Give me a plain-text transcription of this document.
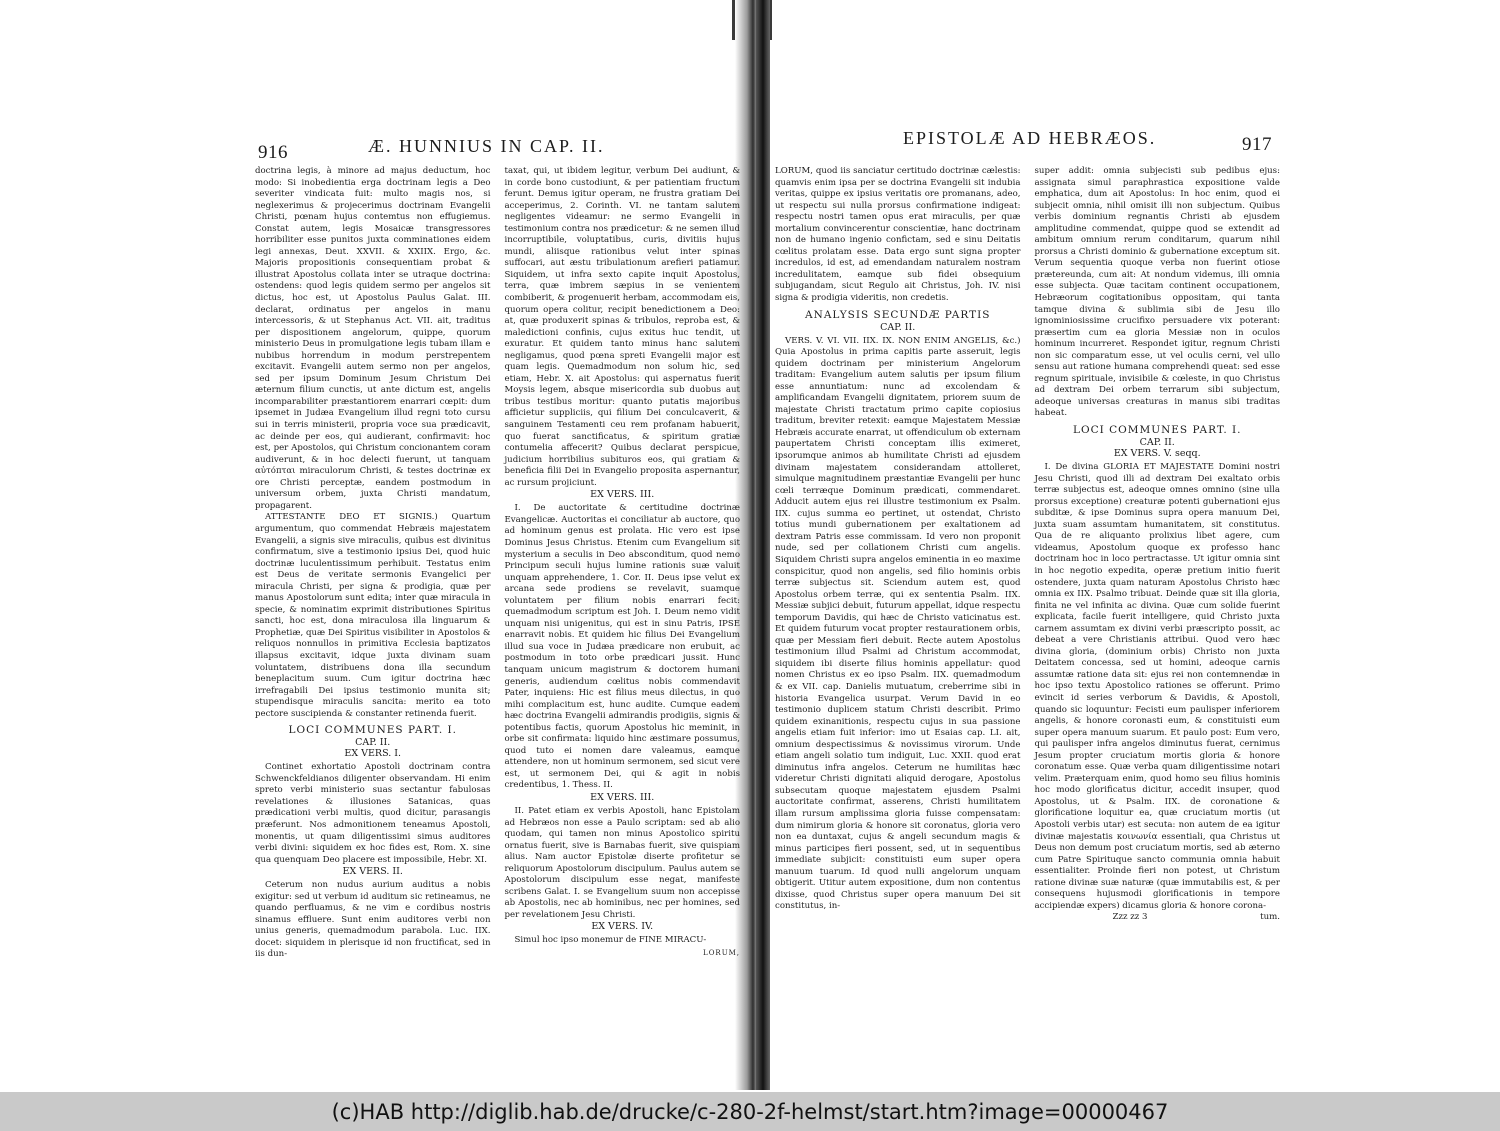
916	Æ. HUNNIUS IN CAP. II.

doctrina legis, à minore ad majus deductum, hoc modo: Si inobedientia erga doctrinam legis a Deo severiter vindicata fuit: multo magis nos, si neglexerimus & projecerimus doctrinam Evangelii Christi, pœnam hujus contemtus non effugiemus. Constat autem, legis Mosaicæ transgressores horribiliter esse punitos juxta comminationes eidem legi annexas, Deut. XXVII. & XXIIX. Ergo, &c. Majoris propositionis consequentiam probat & illustrat Apostolus collata inter se utraque doctrina: ostendens: quod legis quidem sermo per angelos sit dictus, hoc est, ut Apostolus Paulus Galat. III. declarat, ordinatus per angelos in manu intercessoris, & ut Stephanus Act. VII. ait, traditus per dispositionem angelorum, quippe, quorum ministerio Deus in promulgatione legis tubam illam e nubibus horrendum in modum perstrepentem excitavit. Evangelii autem sermo non per angelos, sed per ipsum Dominum Jesum Christum Dei æternum filium cunctis, ut ante dictum est, angelis incomparabiliter præstantiorem enarrari cœpit: dum ipsemet in Judæa Evangelium illud regni toto cursu sui in terris ministerii, propria voce sua prædicavit, ac deinde per eos, qui audierant, confirmavit: hoc est, per Apostolos, qui Christum concionantem coram audiverunt, & in hoc delecti fuerunt, ut tanquam αὐτόπται miraculorum Christi, & testes doctrinæ ex ore Christi perceptæ, eandem postmodum in universum orbem, juxta Christi mandatum, propagarent.

ATTESTANTE DEO ET SIGNIS.) Quartum argumentum, quo commendat Hebræis majestatem Evangelii, a signis sive miraculis, quibus est divinitus confirmatum, sive a testimonio ipsius Dei, quod huic doctrinæ luculentissimum perhibuit. Testatus enim est Deus de veritate sermonis Evangelici per miracula Christi, per signa & prodigia, quæ per manus Apostolorum sunt edita; inter quæ miracula in specie, & nominatim exprimit distributiones Spiritus sancti, hoc est, dona miraculosa illa linguarum & Prophetiæ, quæ Dei Spiritus visibiliter in Apostolos & reliquos nonnullos in primitiva Ecclesia baptizatos illapsus excitavit, idque juxta divinam suam voluntatem, distribuens dona illa secundum beneplacitum suum. Cum igitur doctrina hæc irrefragabili Dei ipsius testimonio munita sit; stupendisque miraculis sancita: merito ea toto pectore suscipienda & constanter retinenda fuerit.

LOCI COMMUNES PART. I.
CAP. II.
EX VERS. I.

Continet exhortatio Apostoli doctrinam contra Schwenckfeldianos diligenter observandam. Hi enim spreto verbi ministerio suas sectantur fabulosas revelationes & illusiones Satanicas, quas prædicationi verbi multis, quod dicitur, parasangis præferunt. Nos admonitionem teneamus Apostoli, monentis, ut quam diligentissimi simus auditores verbi divini: siquidem ex hoc fides est, Rom. X. sine qua quenquam Deo placere est impossibile, Hebr. XI.

EX VERS. II.

Ceterum non nudus aurium auditus a nobis exigitur: sed ut verbum id auditum sic retineamus, ne quando perfluamus, & ne vim e cordibus nostris sinamus effluere. Sunt enim auditores verbi non unius generis, quemadmodum parabola. Luc. IIX. docet: siquidem in plerisque id non fructificat, sed in iis dun-

taxat, qui, ut ibidem legitur, verbum Dei audiunt, & in corde bono custodiunt, & per patientiam fructum ferunt. Demus igitur operam, ne frustra gratiam Dei acceperimus, 2. Corinth. VI. ne tantam salutem negligentes videamur: ne sermo Evangelii in testimonium contra nos prædicetur: & ne semen illud incorruptibile, voluptatibus, curis, divitiis hujus mundi, aliisque rationibus velut inter spinas suffocari, aut æstu tribulationum arefieri patiamur. Siquidem, ut infra sexto capite inquit Apostolus, terra, quæ imbrem sæpius in se venientem combiberit, & progenuerit herbam, accommodam eis, quorum opera colitur, recipit benedictionem a Deo: at, quæ produxerit spinas & tribulos, reproba est, & maledictioni confinis, cujus exitus huc tendit, ut exuratur. Et quidem tanto minus hanc salutem negligamus, quod pœna spreti Evangelii major est quam legis. Quemadmodum non solum hic, sed etiam, Hebr. X. ait Apostolus: qui aspernatus fuerit Moysis legem, absque misericordia sub duobus aut tribus testibus moritur: quanto putatis majoribus afficietur suppliciis, qui filium Dei conculcaverit, & sanguinem Testamenti ceu rem profanam habuerit, quo fuerat sanctificatus, & spiritum gratiæ contumelia affecerit? Quibus declarat perspicue, judicium horribilius subituros eos, qui gratiam & beneficia filii Dei in Evangelio proposita aspernantur, ac rursum projiciunt.

EX VERS. III.

I. De auctoritate & certitudine doctrinæ Evangelicæ. Auctoritas ei conciliatur ab auctore, quo ad hominum genus est prolata. Hic vero est ipse Dominus Jesus Christus. Etenim cum Evangelium sit mysterium a seculis in Deo absconditum, quod nemo Principum seculi hujus lumine rationis suæ valuit unquam apprehendere, 1. Cor. II. Deus ipse velut ex arcana sede prodiens se revelavit, suamque voluntatem per filium nobis enarrari fecit: quemadmodum scriptum est Joh. I. Deum nemo vidit unquam nisi unigenitus, qui est in sinu Patris, IPSE enarravit nobis. Et quidem hic filius Dei Evangelium illud sua voce in Judæa prædicare non erubuit, ac postmodum in toto orbe prædicari jussit. Hunc tanquam unicum magistrum & doctorem humani generis, audiendum cœlitus nobis commendavit Pater, inquiens: Hic est filius meus dilectus, in quo mihi complacitum est, hunc audite. Cumque eadem hæc doctrina Evangelii admirandis prodigiis, signis & potentibus factis, quorum Apostolus hic meminit, in orbe sit confirmata: liquido hinc æstimare possumus, quod tuto ei nomen dare valeamus, eamque attendere, non ut hominum sermonem, sed sicut vere est, ut sermonem Dei, qui & agit in nobis credentibus, 1. Thess. II.

EX VERS. III.

II. Patet etiam ex verbis Apostoli, hanc Epistolam ad Hebræos non esse a Paulo scriptam: sed ab alio quodam, qui tamen non minus Apostolico spiritu ornatus fuerit, sive is Barnabas fuerit, sive quispiam alius. Nam auctor Epistolæ diserte profitetur se reliquorum Apostolorum discipulum. Paulus autem se Apostolorum discipulum esse negat, manifeste scribens Galat. I. se Evangelium suum non accepisse ab Apostolis, nec ab hominibus, nec per homines, sed per revelationem Jesu Christi.

EX VERS. IV.

Simul hoc ipso monemur de FINE MIRACU-

LORUM,
EPISTOLÆ AD HEBRÆOS.	917

LORUM, quod iis sanciatur certitudo doctrinæ cælestis: quamvis enim ipsa per se doctrina Evangelii sit indubia veritas, quippe ex ipsius veritatis ore promanans, adeo, ut respectu sui nulla prorsus confirmatione indigeat: respectu nostri tamen opus erat miraculis, per quæ mortalium convincerentur conscientiæ, hanc doctrinam non de humano ingenio confictam, sed e sinu Deitatis cœlitus prolatam esse. Data ergo sunt signa propter incredulos, id est, ad emendandam naturalem nostram incredulitatem, eamque sub fidei obsequium subjugandam, sicut Regulo ait Christus, Joh. IV. nisi signa & prodigia videritis, non credetis.

ANALYSIS SECUNDÆ PARTIS
CAP. II.

VERS. V. VI. VII. IIX. IX. NON ENIM ANGELIS, &c.) Quia Apostolus in prima capitis parte asseruit, legis quidem doctrinam per ministerium Angelorum traditam: Evangelium autem salutis per ipsum filium esse annuntiatum: nunc ad excolendam & amplificandam Evangelii dignitatem, priorem suum de majestate Christi tractatum primo capite copiosius traditum, breviter retexit: eamque Majestatem Messiæ Hebræis accurate enarrat, ut offendiculum ob externam paupertatem Christi conceptam illis eximeret, ipsorumque animos ab humilitate Christi ad ejusdem divinam majestatem considerandam attolleret, simulque magnitudinem præstantiæ Evangelii per hunc cœli terræque Dominum prædicati, commendaret. Adducit autem ejus rei illustre testimonium ex Psalm. IIX. cujus summa eo pertinet, ut ostendat, Christo totius mundi gubernationem per exaltationem ad dextram Patris esse commissam. Id vero non proponit nude, sed per collationem Christi cum angelis. Siquidem Christi supra angelos eminentia in eo maxime conspicitur, quod non angelis, sed filio hominis orbis terræ subjectus sit. Sciendum autem est, quod Apostolus orbem terræ, qui ex sententia Psalm. IIX. Messiæ subjici debuit, futurum appellat, idque respectu temporum Davidis, qui hæc de Christo vaticinatus est. Et quidem futurum vocat propter restaurationem orbis, quæ per Messiam fieri debuit. Recte autem Apostolus testimonium illud Psalmi ad Christum accommodat, siquidem ibi diserte filius hominis appellatur: quod nomen Christus ex eo ipso Psalm. IIX. quemadmodum & ex VII. cap. Danielis mutuatum, creberrime sibi in historia Evangelica usurpat. Verum David in eo testimonio duplicem statum Christi describit. Primo quidem exinanitionis, respectu cujus in sua passione angelis etiam fuit inferior: imo ut Esaias cap. LI. ait, omnium despectissimus & novissimus virorum. Unde etiam angeli solatio tum indiguit, Luc. XXII. quod erat diminutus infra angelos. Ceterum ne humilitas hæc videretur Christi dignitati aliquid derogare, Apostolus subsecutam quoque majestatem ejusdem Psalmi auctoritate confirmat, asserens, Christi humilitatem illam rursum amplissima gloria fuisse compensatam: dum nimirum gloria & honore sit coronatus, gloria vero non ea duntaxat, cujus & angeli secundum magis & minus participes fieri possent, sed, ut in sequentibus immediate subjicit: constituisti eum super opera manuum tuarum. Id quod nulli angelorum unquam obtigerit. Utitur autem expositione, dum non contentus dixisse, quod Christus super opera manuum Dei sit constitutus, in-

super addit: omnia subjecisti sub pedibus ejus: assignata simul paraphrastica expositione valde emphatica, dum ait Apostolus: In hoc enim, quod ei subjecit omnia, nihil omisit illi non subjectum. Quibus verbis dominium regnantis Christi ab ejusdem amplitudine commendat, quippe quod se extendit ad ambitum omnium rerum conditarum, quarum nihil prorsus a Christi dominio & gubernatione exceptum sit. Verum sequentia quoque verba non fuerint otiose prætereunda, cum ait: At nondum videmus, illi omnia esse subjecta. Quæ tacitam continent occupationem, Hebræorum cogitationibus oppositam, qui tanta tamque divina & sublimia sibi de Jesu illo ignominiosissime crucifixo persuadere vix poterant: præsertim cum ea gloria Messiæ non in oculos hominum incurreret. Respondet igitur, regnum Christi non sic comparatum esse, ut vel oculis cerni, vel ullo sensu aut ratione humana comprehendi queat: sed esse regnum spirituale, invisibile & cœleste, in quo Christus ad dextram Dei orbem terrarum sibi subjectum, adeoque universas creaturas in manus sibi traditas habeat.

LOCI COMMUNES PART. I.
CAP. II.
EX VERS. V. seqq.

I. De divina GLORIA ET MAJESTATE Domini nostri Jesu Christi, quod illi ad dextram Dei exaltato orbis terræ subjectus est, adeoque omnes omnino (sine ulla prorsus exceptione) creaturæ potenti gubernationi ejus subditæ, & ipse Dominus supra opera manuum Dei, juxta suam assumtam humanitatem, sit constitutus. Qua de re aliquanto prolixius libet agere, cum videamus, Apostolum quoque ex professo hanc doctrinam hoc in loco pertractasse. Ut igitur omnia sint in hoc negotio expedita, operæ pretium initio fuerit ostendere, juxta quam naturam Apostolus Christo hæc omnia ex IIX. Psalmo tribuat. Deinde quæ sit illa gloria, finita ne vel infinita ac divina. Quæ cum solide fuerint explicata, facile fuerit intelligere, quid Christo juxta carnem assumtam ex divini verbi præscripto possit, ac debeat a vere Christianis attribui. Quod vero hæc divina gloria, (dominium orbis) Christo non juxta Deitatem concessa, sed ut homini, adeoque carnis assumtæ ratione data sit: ejus rei non contemnendæ in hoc ipso textu Apostolico rationes se offerunt. Primo evincit id series verborum & Davidis, & Apostoli, quando sic loquuntur: Fecisti eum paulisper inferiorem angelis, & honore coronasti eum, & constituisti eum super opera manuum suarum. Et paulo post: Eum vero, qui paulisper infra angelos diminutus fuerat, cernimus Jesum propter cruciatum mortis gloria & honore coronatum esse. Quæ verba quam diligentissime notari velim. Præterquam enim, quod homo seu filius hominis hoc modo glorificatus dicitur, accedit insuper, quod Apostolus, ut & Psalm. IIX. de coronatione & glorificatione loquitur ea, quæ cruciatum mortis (ut Apostoli verbis utar) est secuta: non autem de ea igitur divinæ majestatis κοινωνία essentiali, qua Christus ut Deus non demum post cruciatum mortis, sed ab æterno cum Patre Spirituque sancto communia omnia habuit essentialiter. Proinde fieri non potest, ut Christum ratione divinæ suæ naturæ (quæ immutabilis est, & per consequens hujusmodi glorificationis in tempore accipiendæ expers) dicamus gloria & honore corona-

Zzz zz 3	tum.
(c)HAB http://diglib.hab.de/drucke/c-280-2f-helmst/start.htm?image=00000467
